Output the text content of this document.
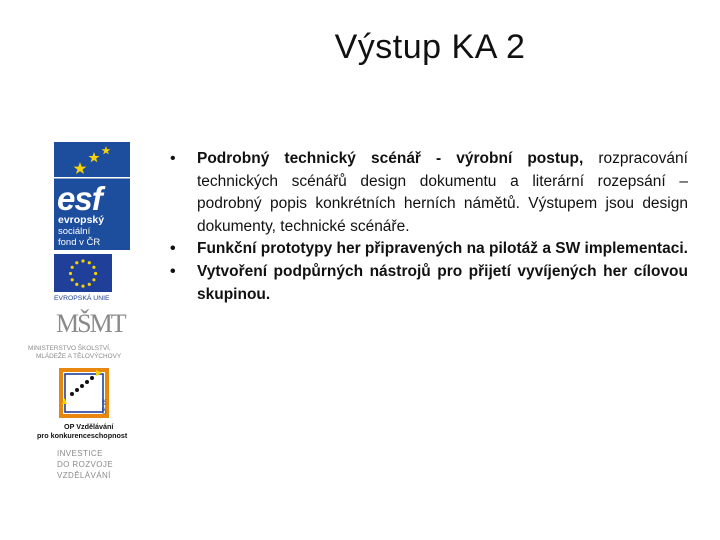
Výstup KA 2
esf
evropský
sociální
fond v ČR
EVROPSKÁ UNIE
MŠMT
MINISTERSTVO ŠKOLSTVÍ,
MLÁDEŽE A TĚLOVÝCHOVY
OP VK
OP Vzdělávání
pro konkurenceschopnost
INVESTICE
DO ROZVOJE
VZDĚLÁVÁNÍ
• Podrobný technický scénář - výrobní postup, rozpracování technických scénářů design dokumentu a literární rozepsání – podrobný popis konkrétních herních námětů. Výstupem jsou design dokumenty, technické scénáře.
• Funkční prototypy her připravených na pilotáž a SW implementaci.
• Vytvoření podpůrných nástrojů pro přijetí vyvíjených her cílovou skupinou.
